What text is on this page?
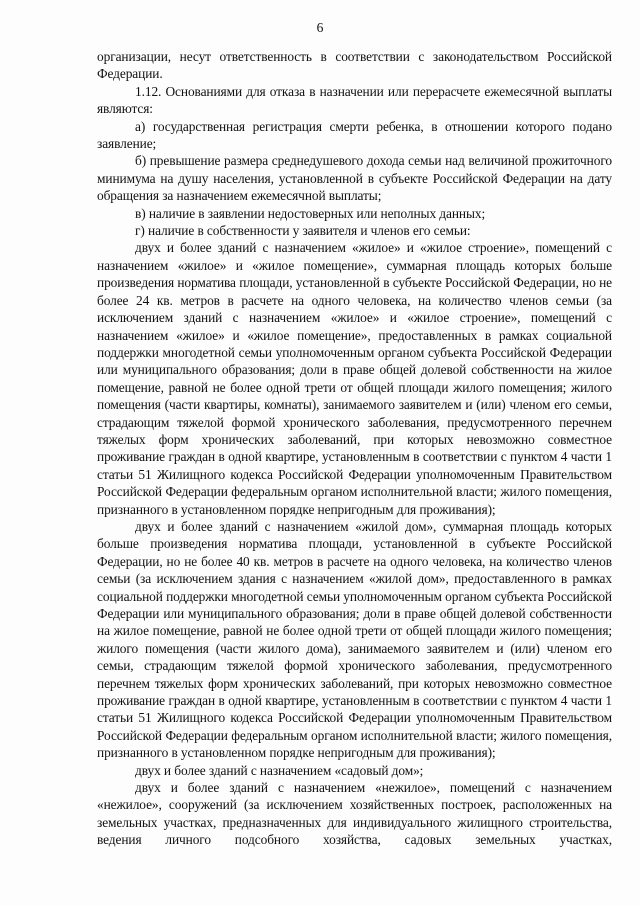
6

организации, несут ответственность в соответствии с законодательством Российской Федерации.

1.12. Основаниями для отказа в назначении или перерасчете ежемесячной выплаты являются:

а) государственная регистрация смерти ребенка, в отношении которого подано заявление;

б) превышение размера среднедушевого дохода семьи над величиной прожиточного минимума на душу населения, установленной в субъекте Российской Федерации на дату обращения за назначением ежемесячной выплаты;

в) наличие в заявлении недостоверных или неполных данных;

г) наличие в собственности у заявителя и членов его семьи:

двух и более зданий с назначением «жилое» и «жилое строение», помещений с назначением «жилое» и «жилое помещение», суммарная площадь которых больше произведения норматива площади, установленной в субъекте Российской Федерации, но не более 24 кв. метров в расчете на одного человека, на количество членов семьи (за исключением зданий с назначением «жилое» и «жилое строение», помещений с назначением «жилое» и «жилое помещение», предоставленных в рамках социальной поддержки многодетной семьи уполномоченным органом субъекта Российской Федерации или муниципального образования; доли в праве общей долевой собственности на жилое помещение, равной не более одной трети от общей площади жилого помещения; жилого помещения (части квартиры, комнаты), занимаемого заявителем и (или) членом его семьи, страдающим тяжелой формой хронического заболевания, предусмотренного перечнем тяжелых форм хронических заболеваний, при которых невозможно совместное проживание граждан в одной квартире, установленным в соответствии с пунктом 4 части 1 статьи 51 Жилищного кодекса Российской Федерации уполномоченным Правительством Российской Федерации федеральным органом исполнительной власти; жилого помещения, признанного в установленном порядке непригодным для проживания);

двух и более зданий с назначением «жилой дом», суммарная площадь которых больше произведения норматива площади, установленной в субъекте Российской Федерации, но не более 40 кв. метров в расчете на одного человека, на количество членов семьи (за исключением здания с назначением «жилой дом», предоставленного в рамках социальной поддержки многодетной семьи уполномоченным органом субъекта Российской Федерации или муниципального образования; доли в праве общей долевой собственности на жилое помещение, равной не более одной трети от общей площади жилого помещения; жилого помещения (части жилого дома), занимаемого заявителем и (или) членом его семьи, страдающим тяжелой формой хронического заболевания, предусмотренного перечнем тяжелых форм хронических заболеваний, при которых невозможно совместное проживание граждан в одной квартире, установленным в соответствии с пунктом 4 части 1 статьи 51 Жилищного кодекса Российской Федерации уполномоченным Правительством Российской Федерации федеральным органом исполнительной власти; жилого помещения, признанного в установленном порядке непригодным для проживания);

двух и более зданий с назначением «садовый дом»;

двух и более зданий с назначением «нежилое», помещений с назначением «нежилое», сооружений (за исключением хозяйственных построек, расположенных на земельных участках, предназначенных для индивидуального жилищного строительства, ведения личного подсобного хозяйства, садовых земельных участках,
